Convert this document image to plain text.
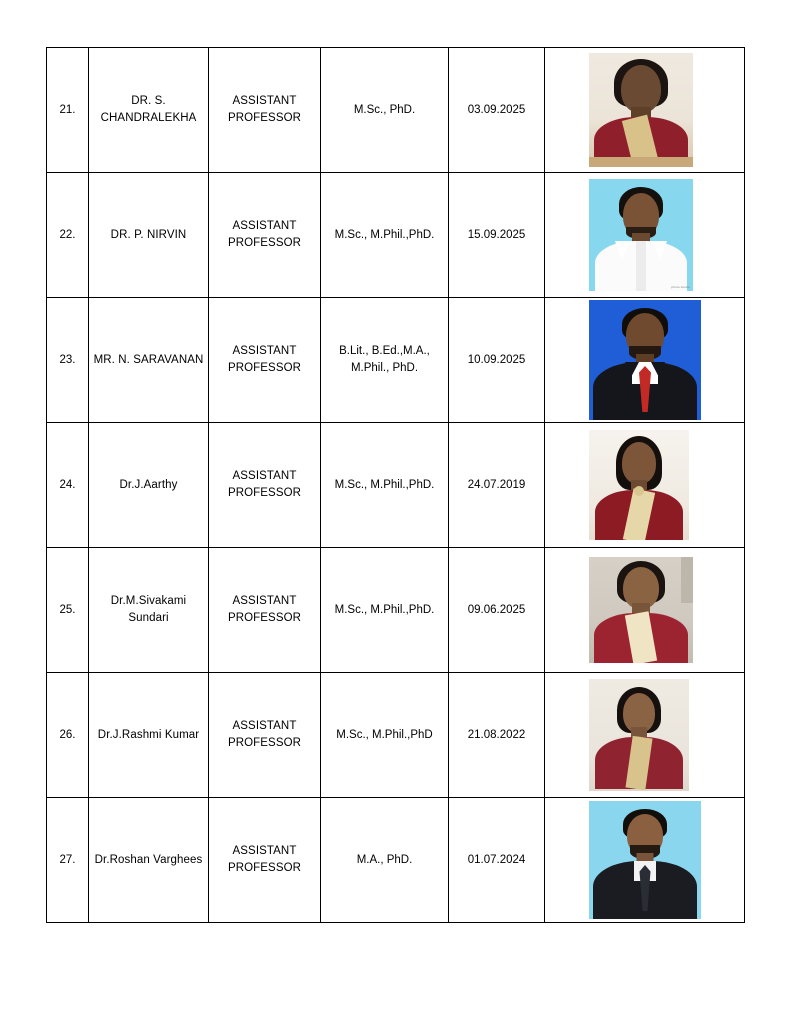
21.	DR. S. CHANDRALEKHA	ASSISTANT PROFESSOR	M.Sc., PhD.	03.09.2025	

22.	DR. P. NIRVIN	ASSISTANT PROFESSOR	M.Sc., M.Phil.,PhD.	15.09.2025	photo studio

23.	MR. N. SARAVANAN	ASSISTANT PROFESSOR	B.Lit., B.Ed.,M.A., M.Phil., PhD.	10.09.2025	

24.	Dr.J.Aarthy	ASSISTANT PROFESSOR	M.Sc., M.Phil.,PhD.	24.07.2019	

25.	Dr.M.Sivakami Sundari	ASSISTANT PROFESSOR	M.Sc., M.Phil.,PhD.	09.06.2025	

26.	Dr.J.Rashmi Kumar	ASSISTANT PROFESSOR	M.Sc., M.Phil.,PhD	21.08.2022	

27.	Dr.Roshan Varghees	ASSISTANT PROFESSOR	M.A., PhD.	01.07.2024	
